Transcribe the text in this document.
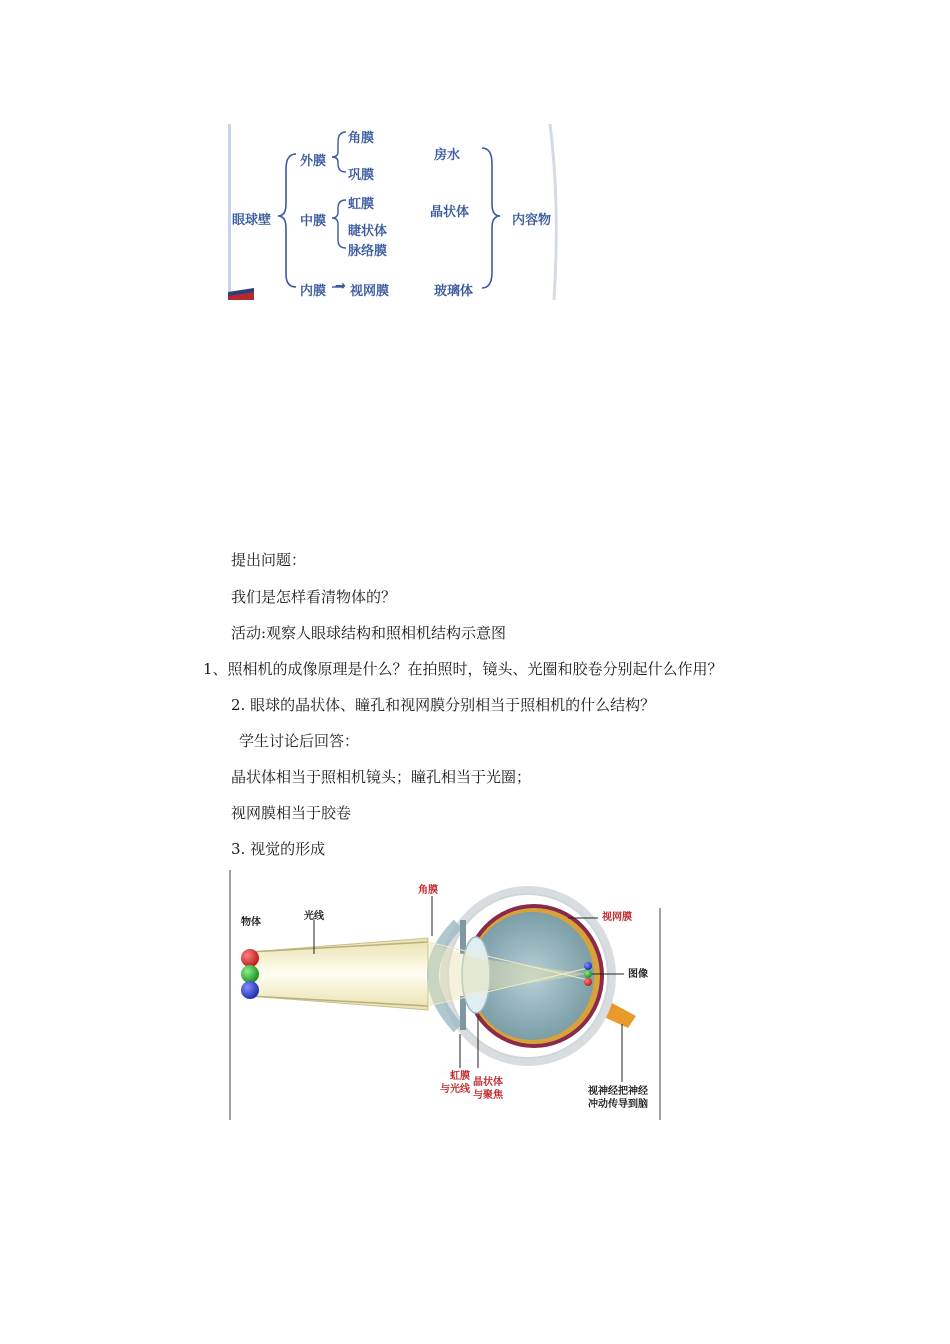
眼球壁
外膜
角膜
巩膜
中膜
虹膜
睫状体
脉络膜
内膜 → 视网膜
房水
晶状体
玻璃体
内容物
提出问题：
我们是怎样看清物体的？
活动:观察人眼球结构和照相机结构示意图
1、照相机的成像原理是什么？在拍照时，镜头、光圈和胶卷分别起什么作用？
2. 眼球的晶状体、瞳孔和视网膜分别相当于照相机的什么结构？
学生讨论后回答：
晶状体相当于照相机镜头；瞳孔相当于光圈；
视网膜相当于胶卷
3. 视觉的形成
物体
光线
角膜
视网膜
图像
虹膜
与光线
晶状体
与聚焦	视神经把神经
冲动传导到脑
